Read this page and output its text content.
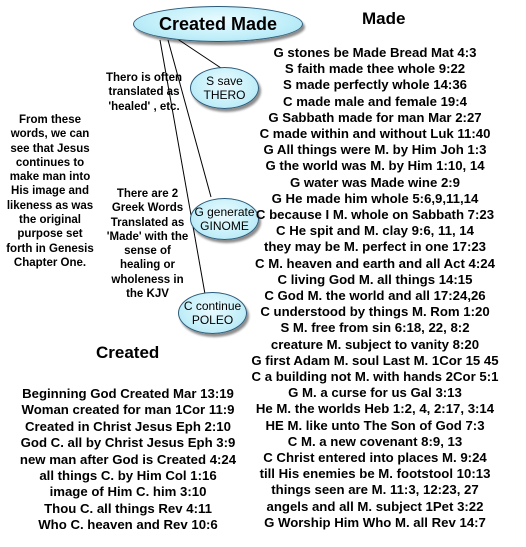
Created Made	Made
Created
S save
THERO
G generate
GINOME
C continue
POLEO
Thero is often translated as 'healed' , etc.
From these words, we can see that Jesus continues to make man into His image and likeness as was the original purpose set forth in Genesis Chapter One.
There are 2 Greek Words Translated as 'Made' with the sense of healing or wholeness in the KJV
G stones be Made Bread Mat 4:3
S faith made thee whole 9:22
S made perfectly whole 14:36
C made male and female 19:4
G Sabbath made for man Mar 2:27
C made within and without Luk 11:40
G All things were M. by Him Joh 1:3
G the world was M. by Him 1:10, 14
G water was Made wine 2:9
G He made him whole 5:6,9,11,14
C because I M. whole on Sabbath 7:23
C He spit and M. clay 9:6, 11, 14
they may be M. perfect in one 17:23
C M. heaven and earth and all Act 4:24
C living God M. all things 14:15
C God M. the world and all 17:24,26
C understood by things M. Rom 1:20
S M. free from sin 6:18, 22, 8:2
creature M. subject to vanity 8:20
G first Adam M. soul Last M. 1Cor 15 45
C a building not M. with hands 2Cor 5:1
G M. a curse for us Gal 3:13
He M. the worlds Heb 1:2, 4, 2:17, 3:14
HE M. like unto The Son of God 7:3
C M. a new covenant 8:9, 13
C Christ entered into places M. 9:24
till His enemies be M. footstool 10:13
things seen are M. 11:3, 12:23, 27
angels and all M. subject 1Pet 3:22
G Worship Him Who M. all Rev 14:7
Beginning God Created Mar 13:19
Woman created for man 1Cor 11:9
Created in Christ Jesus Eph 2:10
God C. all by Christ Jesus Eph 3:9
new man after God is Created 4:24
all things C. by Him Col 1:16
image of Him C. him 3:10
Thou C. all things Rev 4:11
Who C. heaven and Rev 10:6
